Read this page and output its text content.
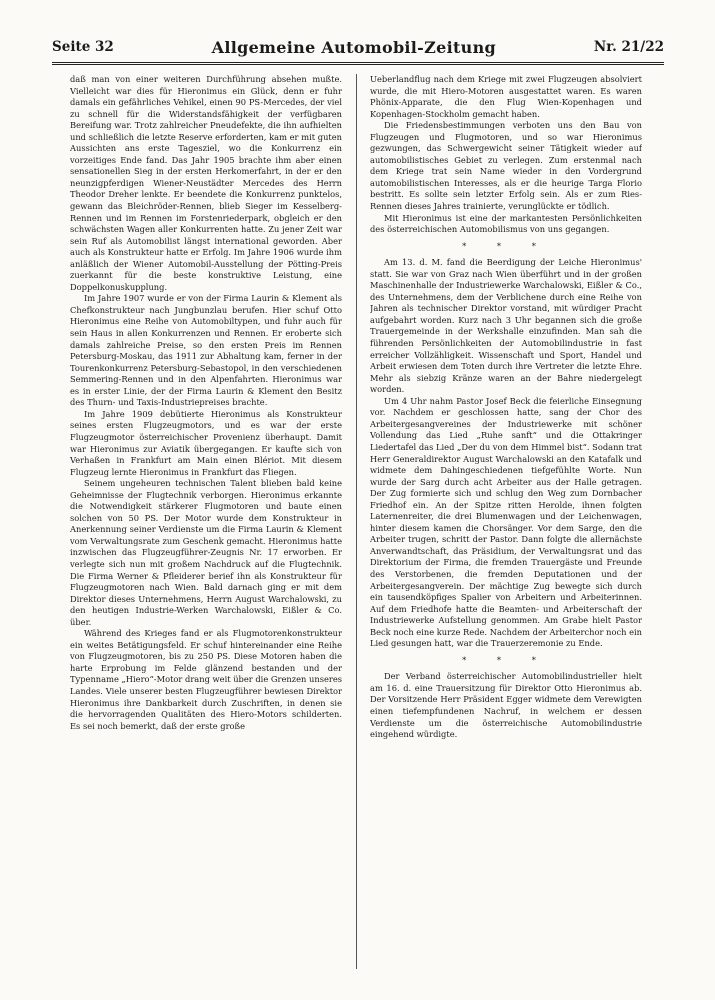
Seite 32	Allgemeine Automobil-Zeitung	Nr. 21/22

daß man von einer weiteren Durchführung absehen mußte. Vielleicht war dies für Hieronimus ein Glück, denn er fuhr damals ein gefährliches Vehikel, einen 90 PS-Mercedes, der viel zu schnell für die Widerstandsfähigkeit der verfügbaren Bereifung war. Trotz zahlreicher Pneudefekte, die ihn aufhielten und schließlich die letzte Reserve erforderten, kam er mit guten Aussichten ans erste Tagesziel, wo die Konkurrenz ein vorzeitiges Ende fand. Das Jahr 1905 brachte ihm aber einen sensationellen Sieg in der ersten Herkomerfahrt, in der er den neunzigpferdigen Wiener-Neustädter Mercedes des Herrn Theodor Dreher lenkte. Er beendete die Konkurrenz punktelos, gewann das Bleichröder-Rennen, blieb Sieger im Kesselberg-Rennen und im Rennen im Forstenriederpark, obgleich er den schwächsten Wagen aller Konkurrenten hatte. Zu jener Zeit war sein Ruf als Automobilist längst international geworden. Aber auch als Konstrukteur hatte er Erfolg. Im Jahre 1906 wurde ihm anläßlich der Wiener Automobil-Ausstellung der Pötting-Preis zuerkannt für die beste konstruktive Leistung, eine Doppelkonuskupplung.

Im Jahre 1907 wurde er von der Firma Laurin & Klement als Chefkonstrukteur nach Jungbunzlau berufen. Hier schuf Otto Hieronimus eine Reihe von Automobiltypen, und fuhr auch für sein Haus in allen Konkurrenzen und Rennen. Er eroberte sich damals zahlreiche Preise, so den ersten Preis im Rennen Petersburg-Moskau, das 1911 zur Abhaltung kam, ferner in der Tourenkonkurrenz Petersburg-Sebastopol, in den verschiedenen Semmering-Rennen und in den Alpenfahrten. Hieronimus war es in erster Linie, der der Firma Laurin & Klement den Besitz des Thurn- und Taxis-Industriepreises brachte.

Im Jahre 1909 debütierte Hieronimus als Konstrukteur seines ersten Flugzeugmotors, und es war der erste Flugzeugmotor österreichischer Provenienz überhaupt. Damit war Hieronimus zur Aviatik übergegangen. Er kaufte sich von Verhaßen in Frankfurt am Main einen Blériot. Mit diesem Flugzeug lernte Hieronimus in Frankfurt das Fliegen.

Seinem ungeheuren technischen Talent blieben bald keine Geheimnisse der Flugtechnik verborgen. Hieronimus erkannte die Notwendigkeit stärkerer Flugmotoren und baute einen solchen von 50 PS. Der Motor wurde dem Konstrukteur in Anerkennung seiner Verdienste um die Firma Laurin & Klement vom Verwaltungsrate zum Geschenk gemacht. Hieronimus hatte inzwischen das Flugzeugführer-Zeugnis Nr. 17 erworben. Er verlegte sich nun mit großem Nachdruck auf die Flugtechnik. Die Firma Werner & Pfleiderer berief ihn als Konstrukteur für Flugzeugmotoren nach Wien. Bald darnach ging er mit dem Direktor dieses Unternehmens, Herrn August Warchalowski, zu den heutigen Industrie-Werken Warchalowski, Eißler & Co. über.

Während des Krieges fand er als Flugmotorenkonstrukteur ein weites Betätigungsfeld. Er schuf hintereinander eine Reihe von Flugzeugmotoren, bis zu 250 PS. Diese Motoren haben die harte Erprobung im Felde glänzend bestanden und der Typenname „Hiero“-Motor drang weit über die Grenzen unseres Landes. Viele unserer besten Flugzeugführer bewiesen Direktor Hieronimus ihre Dankbarkeit durch Zuschriften, in denen sie die hervorragenden Qualitäten des Hiero-Motors schilderten. Es sei noch bemerkt, daß der erste große

Ueberlandflug nach dem Kriege mit zwei Flugzeugen absolviert wurde, die mit Hiero-Motoren ausgestattet waren. Es waren Phönix-Apparate, die den Flug Wien-Kopenhagen und Kopenhagen-Stockholm gemacht haben.

Die Friedensbestimmungen verboten uns den Bau von Flugzeugen und Flugmotoren, und so war Hieronimus gezwungen, das Schwergewicht seiner Tätigkeit wieder auf automobilistisches Gebiet zu verlegen. Zum erstenmal nach dem Kriege trat sein Name wieder in den Vordergrund automobilistischen Interesses, als er die heurige Targa Florio bestritt. Es sollte sein letzter Erfolg sein. Als er zum Ries-Rennen dieses Jahres trainierte, verunglückte er tödlich.

Mit Hieronimus ist eine der markantesten Persönlichkeiten des österreichischen Automobilismus von uns gegangen.

* * *

Am 13. d. M. fand die Beerdigung der Leiche Hieronimus' statt. Sie war von Graz nach Wien überführt und in der großen Maschinenhalle der Industriewerke Warchalowski, Eißler & Co., des Unternehmens, dem der Verblichene durch eine Reihe von Jahren als technischer Direktor vorstand, mit würdiger Pracht aufgebahrt worden. Kurz nach 3 Uhr begannen sich die große Trauergemeinde in der Werkshalle einzufinden. Man sah die führenden Persönlichkeiten der Automobilindustrie in fast erreicher Vollzähligkeit. Wissenschaft und Sport, Handel und Arbeit erwiesen dem Toten durch ihre Vertreter die letzte Ehre. Mehr als siebzig Kränze waren an der Bahre niedergelegt worden.

Um 4 Uhr nahm Pastor Josef Beck die feierliche Einsegnung vor. Nachdem er geschlossen hatte, sang der Chor des Arbeitergesangvereines der Industriewerke mit schöner Vollendung das Lied „Ruhe sanft“ und die Ottakringer Liedertafel das Lied „Der du von dem Himmel bist“. Sodann trat Herr Generaldirektor August Warchalowski an den Katafalk und widmete dem Dahingeschiedenen tiefgefühlte Worte. Nun wurde der Sarg durch acht Arbeiter aus der Halle getragen. Der Zug formierte sich und schlug den Weg zum Dornbacher Friedhof ein. An der Spitze ritten Herolde, ihnen folgten Laternenreiter, die drei Blumenwagen und der Leichenwagen, hinter diesem kamen die Chorsänger. Vor dem Sarge, den die Arbeiter trugen, schritt der Pastor. Dann folgte die allernächste Anverwandtschaft, das Präsidium, der Verwaltungsrat und das Direktorium der Firma, die fremden Trauergäste und Freunde des Verstorbenen, die fremden Deputationen und der Arbeitergesangverein. Der mächtige Zug bewegte sich durch ein tausendköpfiges Spalier von Arbeitern und Arbeiterinnen. Auf dem Friedhofe hatte die Beamten- und Arbeiterschaft der Industriewerke Aufstellung genommen. Am Grabe hielt Pastor Beck noch eine kurze Rede. Nachdem der Arbeiterchor noch ein Lied gesungen hatt, war die Trauerzeremonie zu Ende.

* * *

Der Verband österreichischer Automobilindustrieller hielt am 16. d. eine Trauersitzung für Direktor Otto Hieronimus ab. Der Vorsitzende Herr Präsident Egger widmete dem Verewigten einen tiefempfundenen Nachruf, in welchem er dessen Verdienste um die österreichische Automobilindustrie eingehend würdigte.
